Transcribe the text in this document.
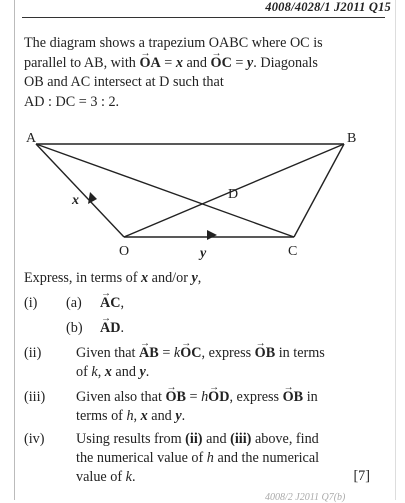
4008/4028/1 J2011 Q15
The diagram shows a trapezium OABC where OC is
parallel to AB, with → OA = x and → OC = y. Diagonals
OB and AC intersect at D such that
AD : DC = 3 : 2.
A	B
O	C
D
x
y
Express, in terms of x and/or y,
(i) (a) → AC,
(b) → AD.
(ii) Given that → AB = k→ OC, express → OB in terms
of k, x and y.
(iii) Given also that → OB = h→ OD, express → OB in
terms of h, x and y.
(iv) Using results from (ii) and (iii) above, find
the numerical value of h and the numerical
value of k.	[7]
4008/2 J2011 Q7(b)
